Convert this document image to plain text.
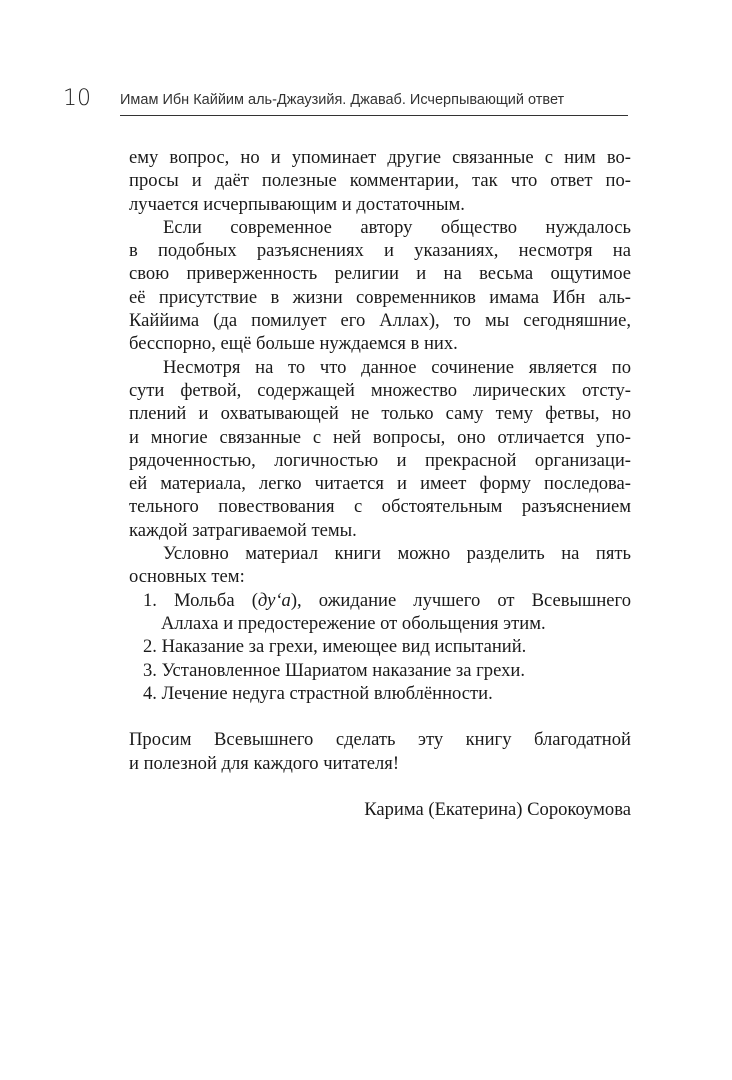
10 Имам Ибн Каййим аль-Джаузийя. Джаваб. Исчерпывающий ответ
ему вопрос, но и упоминает другие связанные с ним во-
просы и даёт полезные комментарии, так что ответ по-
лучается исчерпывающим и достаточным.
Если современное автору общество нуждалось
в подобных разъяснениях и указаниях, несмотря на
свою приверженность религии и на весьма ощутимое
её присутствие в жизни современников имама Ибн аль-
Каййима (да помилует его Аллах), то мы сегодняшние,
бесспорно, ещё больше нуждаемся в них.
Несмотря на то что данное сочинение является по
сути фетвой, содержащей множество лирических отсту-
плений и охватывающей не только саму тему фетвы, но
и многие связанные с ней вопросы, оно отличается упо-
рядоченностью, логичностью и прекрасной организаци-
ей материала, легко читается и имеет форму последова-
тельного повествования с обстоятельным разъяснением
каждой затрагиваемой темы.
Условно материал книги можно разделить на пять
основных тем:
1. Мольба (ду‘а), ожидание лучшего от Всевышнего
Аллаха и предостережение от обольщения этим.
2. Наказание за грехи, имеющее вид испытаний.
3. Установленное Шариатом наказание за грехи.
4. Лечение недуга страстной влюблённости.
Просим Всевышнего сделать эту книгу благодатной
и полезной для каждого читателя!
Карима (Екатерина) Сорокоумова
